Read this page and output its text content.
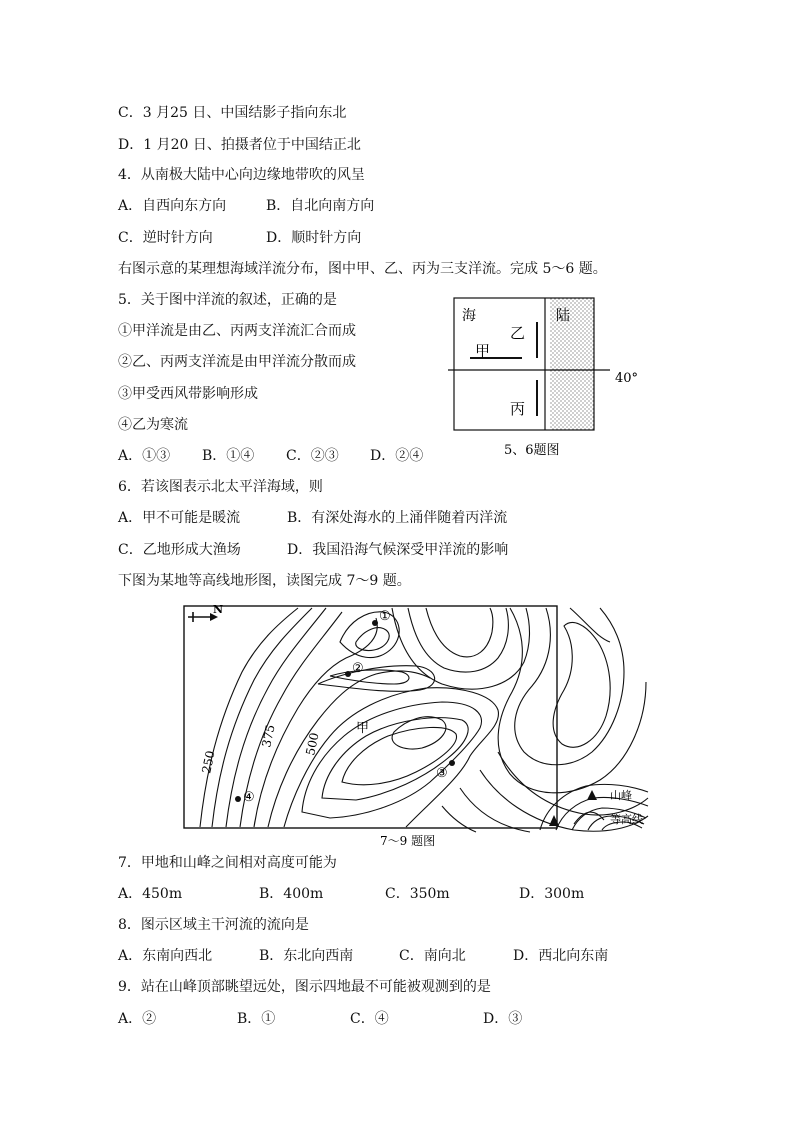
C．3 月25 日、中国结影子指向东北
D．1 月20 日、拍摄者位于中国结正北
4．从南极大陆中心向边缘地带吹的风呈
A．自西向东方向	B．自北向南方向
C．逆时针方向	D．顺时针方向
右图示意的某理想海域洋流分布，图中甲、乙、丙为三支洋流。完成 5～6 题。
5．关于图中洋流的叙述，正确的是
①甲洋流是由乙、丙两支洋流汇合而成
②乙、丙两支洋流是由甲洋流分散而成
③甲受西风带影响形成
④乙为寒流
A．①③ B．①④ C．②③ D．②④
海	陆
乙
甲
丙
40°
5、6题图
6．若该图表示北太平洋海域，则
A．甲不可能是暖流	B．有深处海水的上涌伴随着丙洋流
C．乙地形成大渔场	D．我国沿海气候深受甲洋流的影响
下图为某地等高线地形图，读图完成 7～9 题。
N
250
375 500
甲
①
②
③
④	山峰
等高线
7～9 题图
7．甲地和山峰之间相对高度可能为
A．450m	B．400m	C．350m	D．300m
8．图示区域主干河流的流向是
A．东南向西北	B．东北向西南	C．南向北	D．西北向东南
9．站在山峰顶部眺望远处，图示四地最不可能被观测到的是
A．②	B．①	C．④	D．③
